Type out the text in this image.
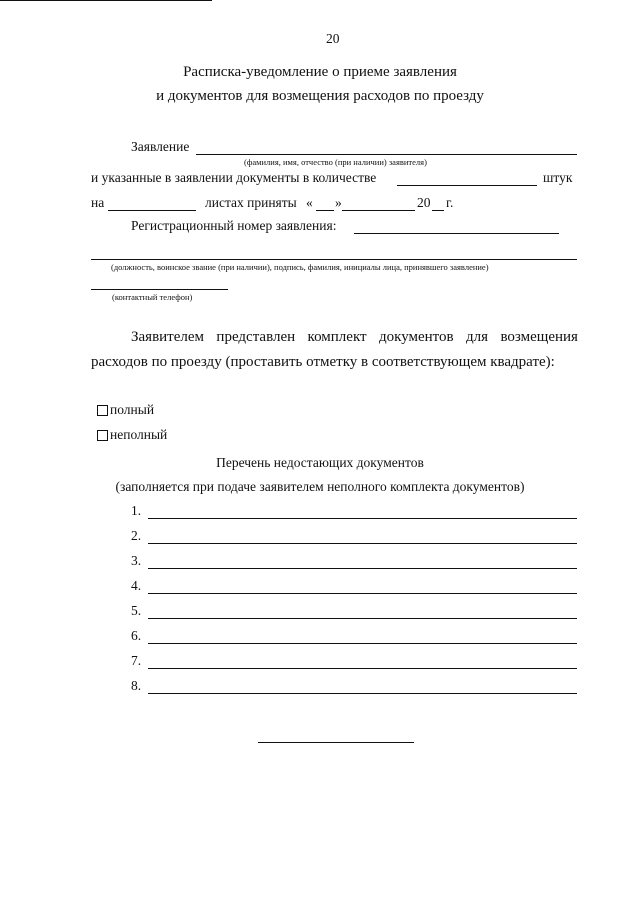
20
Расписка-уведомление о приеме заявления
и документов для возмещения расходов по проезду
Заявление
(фамилия, имя, отчество (при наличии) заявителя)
и указанные в заявлении документы в количестве	штук
на	листах приняты « »	20 г.
Регистрационный номер заявления:
(должность, воинское звание (при наличии), подпись, фамилия, инициалы лица, принявшего заявление)
(контактный телефон)
Заявителем представлен комплект документов для возмещения
расходов по проезду (проставить отметку в соответствующем квадрате):
полный
неполный
Перечень недостающих документов
(заполняется при подаче заявителем неполного комплекта документов)
1.
2.
3.
4.
5.
6.
7.
8.
